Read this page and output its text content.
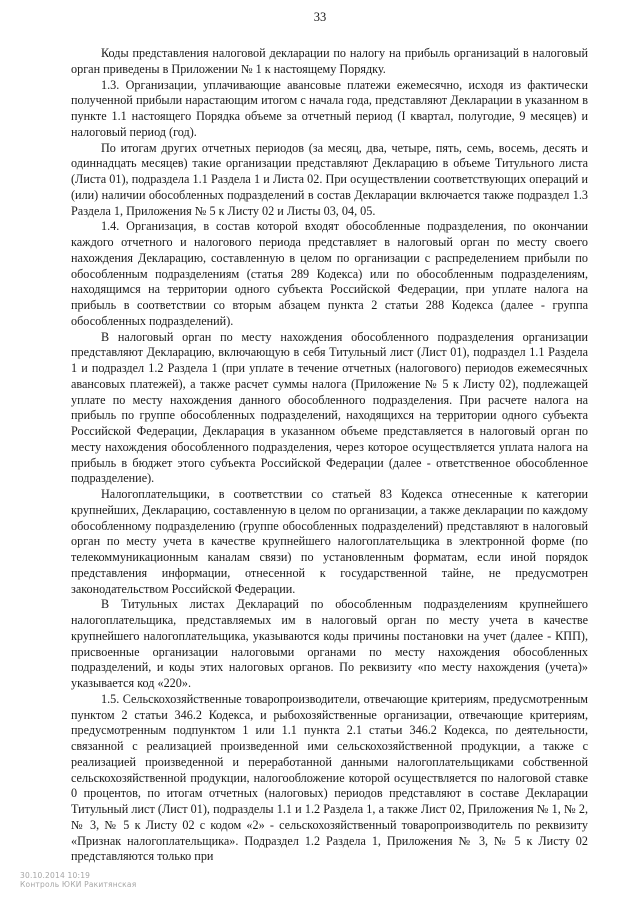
33

Коды представления налоговой декларации по налогу на прибыль организаций в налоговый орган приведены в Приложении № 1 к настоящему Порядку.

1.3. Организации, уплачивающие авансовые платежи ежемесячно, исходя из фактически полученной прибыли нарастающим итогом с начала года, представляют Декларации в указанном в пункте 1.1 настоящего Порядка объеме за отчетный период (I квартал, полугодие, 9 месяцев) и налоговый период (год).

По итогам других отчетных периодов (за месяц, два, четыре, пять, семь, восемь, десять и одиннадцать месяцев) такие организации представляют Декларацию в объеме Титульного листа (Листа 01), подраздела 1.1 Раздела 1 и Листа 02. При осуществлении соответствующих операций и (или) наличии обособленных подразделений в состав Декларации включается также подраздел 1.3 Раздела 1, Приложения № 5 к Листу 02 и Листы 03, 04, 05.

1.4. Организация, в состав которой входят обособленные подразделения, по окончании каждого отчетного и налогового периода представляет в налоговый орган по месту своего нахождения Декларацию, составленную в целом по организации с распределением прибыли по обособленным подразделениям (статья 289 Кодекса) или по обособленным подразделениям, находящимся на территории одного субъекта Российской Федерации, при уплате налога на прибыль в соответствии со вторым абзацем пункта 2 статьи 288 Кодекса (далее - группа обособленных подразделений).

В налоговый орган по месту нахождения обособленного подразделения организации представляют Декларацию, включающую в себя Титульный лист (Лист 01), подраздел 1.1 Раздела 1 и подраздел 1.2 Раздела 1 (при уплате в течение отчетных (налогового) периодов ежемесячных авансовых платежей), а также расчет суммы налога (Приложение № 5 к Листу 02), подлежащей уплате по месту нахождения данного обособленного подразделения. При расчете налога на прибыль по группе обособленных подразделений, находящихся на территории одного субъекта Российской Федерации, Декларация в указанном объеме представляется в налоговый орган по месту нахождения обособленного подразделения, через которое осуществляется уплата налога на прибыль в бюджет этого субъекта Российской Федерации (далее - ответственное обособленное подразделение).

Налогоплательщики, в соответствии со статьей 83 Кодекса отнесенные к категории крупнейших, Декларацию, составленную в целом по организации, а также декларации по каждому обособленному подразделению (группе обособленных подразделений) представляют в налоговый орган по месту учета в качестве крупнейшего налогоплательщика в электронной форме (по телекоммуникационным каналам связи) по установленным форматам, если иной порядок представления информации, отнесенной к государственной тайне, не предусмотрен законодательством Российской Федерации.

В Титульных листах Деклараций по обособленным подразделениям крупнейшего налогоплательщика, представляемых им в налоговый орган по месту учета в качестве крупнейшего налогоплательщика, указываются коды причины постановки на учет (далее - КПП), присвоенные организации налоговыми органами по месту нахождения обособленных подразделений, и коды этих налоговых органов. По реквизиту «по месту нахождения (учета)» указывается код «220».

1.5. Сельскохозяйственные товаропроизводители, отвечающие критериям, предусмотренным пунктом 2 статьи 346.2 Кодекса, и рыбохозяйственные организации, отвечающие критериям, предусмотренным подпунктом 1 или 1.1 пункта 2.1 статьи 346.2 Кодекса, по деятельности, связанной с реализацией произведенной ими сельскохозяйственной продукции, а также с реализацией произведенной и переработанной данными налогоплательщиками собственной сельскохозяйственной продукции, налогообложение которой осуществляется по налоговой ставке 0 процентов, по итогам отчетных (налоговых) периодов представляют в составе Декларации Титульный лист (Лист 01), подразделы 1.1 и 1.2 Раздела 1, а также Лист 02, Приложения № 1, № 2, № 3, № 5 к Листу 02 с кодом «2» - сельскохозяйственный товаропроизводитель по реквизиту «Признак налогоплательщика». Подраздел 1.2 Раздела 1, Приложения № 3, № 5 к Листу 02 представляются только при

30.10.2014 10:19
Контроль ЮКИ Ракитянская
